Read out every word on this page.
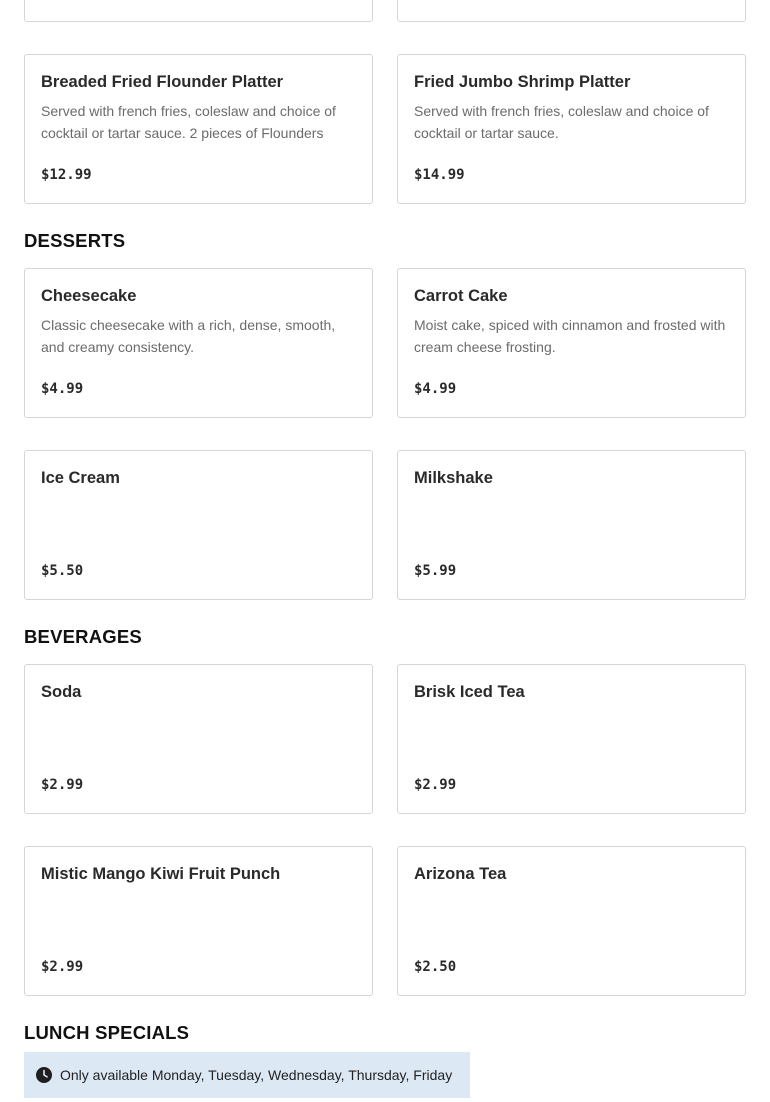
Breaded Fried Flounder Platter
Served with french fries, coleslaw and choice of cocktail or tartar sauce. 2 pieces of Flounders
$12.99
Fried Jumbo Shrimp Platter
Served with french fries, coleslaw and choice of cocktail or tartar sauce.
$14.99
DESSERTS
Cheesecake
Classic cheesecake with a rich, dense, smooth, and creamy consistency.
$4.99
Carrot Cake
Moist cake, spiced with cinnamon and frosted with cream cheese frosting.
$4.99
Ice Cream
$5.50
Milkshake
$5.99
BEVERAGES
Soda
$2.99
Brisk Iced Tea
$2.99
Mistic Mango Kiwi Fruit Punch
$2.99
Arizona Tea
$2.50
LUNCH SPECIALS
Only available Monday, Tuesday, Wednesday, Thursday, Friday
